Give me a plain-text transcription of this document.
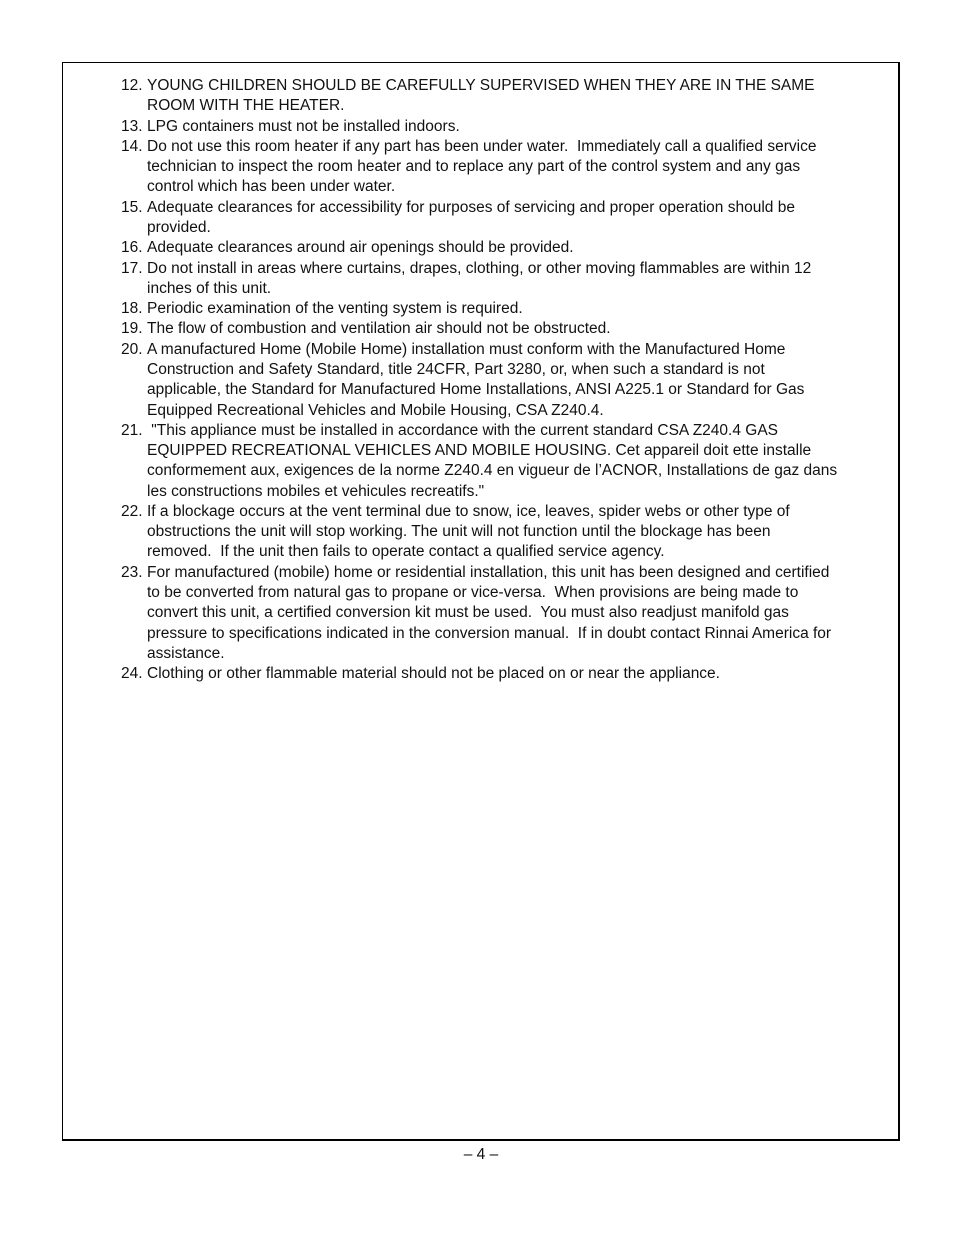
12. YOUNG CHILDREN SHOULD BE CAREFULLY SUPERVISED WHEN THEY ARE IN THE SAME
ROOM WITH THE HEATER.
13. LPG containers must not be installed indoors.
14. Do not use this room heater if any part has been under water.  Immediately call a qualified service
technician to inspect the room heater and to replace any part of the control system and any gas
control which has been under water.
15. Adequate clearances for accessibility for purposes of servicing and proper operation should be
provided.
16. Adequate clearances around air openings should be provided.
17. Do not install in areas where curtains, drapes, clothing, or other moving flammables are within 12
inches of this unit.
18. Periodic examination of the venting system is required.
19. The flow of combustion and ventilation air should not be obstructed.
20. A manufactured Home (Mobile Home) installation must conform with the Manufactured Home
Construction and Safety Standard, title 24CFR, Part 3280, or, when such a standard is not
applicable, the Standard for Manufactured Home Installations, ANSI A225.1 or Standard for Gas
Equipped Recreational Vehicles and Mobile Housing, CSA Z240.4.
21. "This appliance must be installed in accordance with the current standard CSA Z240.4 GAS
EQUIPPED RECREATIONAL VEHICLES AND MOBILE HOUSING. Cet appareil doit ette installe
conformement aux, exigences de la norme Z240.4 en vigueur de l’ACNOR, Installations de gaz dans
les constructions mobiles et vehicules recreatifs."
22. If a blockage occurs at the vent terminal due to snow, ice, leaves, spider webs or other type of
obstructions the unit will stop working. The unit will not function until the blockage has been
removed.  If the unit then fails to operate contact a qualified service agency.
23. For manufactured (mobile) home or residential installation, this unit has been designed and certified
to be converted from natural gas to propane or vice-versa.  When provisions are being made to
convert this unit, a certified conversion kit must be used.  You must also readjust manifold gas
pressure to specifications indicated in the conversion manual.  If in doubt contact Rinnai America for
assistance.
24. Clothing or other flammable material should not be placed on or near the appliance.
– 4 –
